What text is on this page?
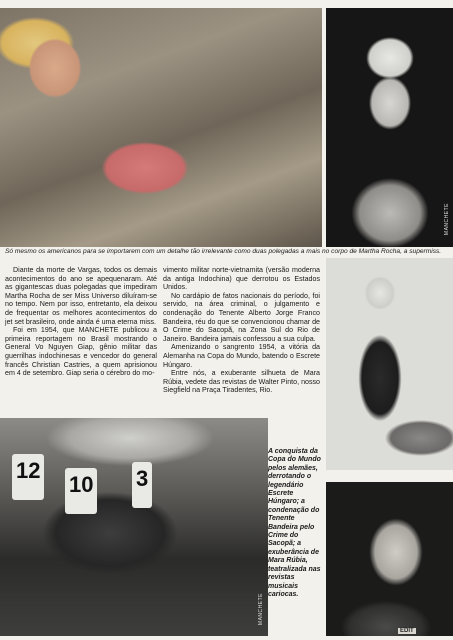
MANCHETE
12
10 3
MANCHETE
Só mesmo os americanos para se importarem com um detalhe tão irrelevante como duas polegadas a mais no corpo de Martha Rocha, a supermiss.

Diante da morte de Vargas, todos os demais acontecimentos do ano se apequenaram. Até as gigantescas duas polegadas que impediram Martha Rocha de ser Miss Universo diluíram-se no tempo. Nem por isso, entretanto, ela deixou de frequentar os melhores acontecimentos do jet set brasileiro, onde ainda é uma eterna miss.

Foi em 1954, que MANCHETE publicou a primeira reportagem no Brasil mostrando o General Vo Nguyen Giap, gênio militar das guerrilhas indochinesas e vencedor do general francês Christian Castries, a quem aprisionou em 4 de setembro. Giap seria o cérebro do mo-

vimento militar norte-vietnamita (versão moderna da antiga Indochina) que derrotou os Estados Unidos.

No cardápio de fatos nacionais do período, foi servido, na área criminal, o julgamento e condenação do Tenente Alberto Jorge Franco Bandeira, réu do que se convencionou chamar de O Crime do Sacopã, na Zona Sul do Rio de Janeiro. Bandeira jamais confessou a sua culpa.

Amenizando o sangrento 1954, a vitória da Alemanha na Copa do Mundo, batendo o Escrete Húngaro.

Entre nós, a exuberante silhueta de Mara Rúbia, vedete das revistas de Walter Pinto, nosso Siegfield na Praça Tiradentes, Rio.

A conquista da Copa do Mundo pelos alemães, derrotando o legendário Escrete Húngaro; a condenação do Tenente Bandeira pelo Crime do Sacopã; a exuberância de Mara Rúbia, teatralizada nas revistas musicais cariocas.
EDIT
